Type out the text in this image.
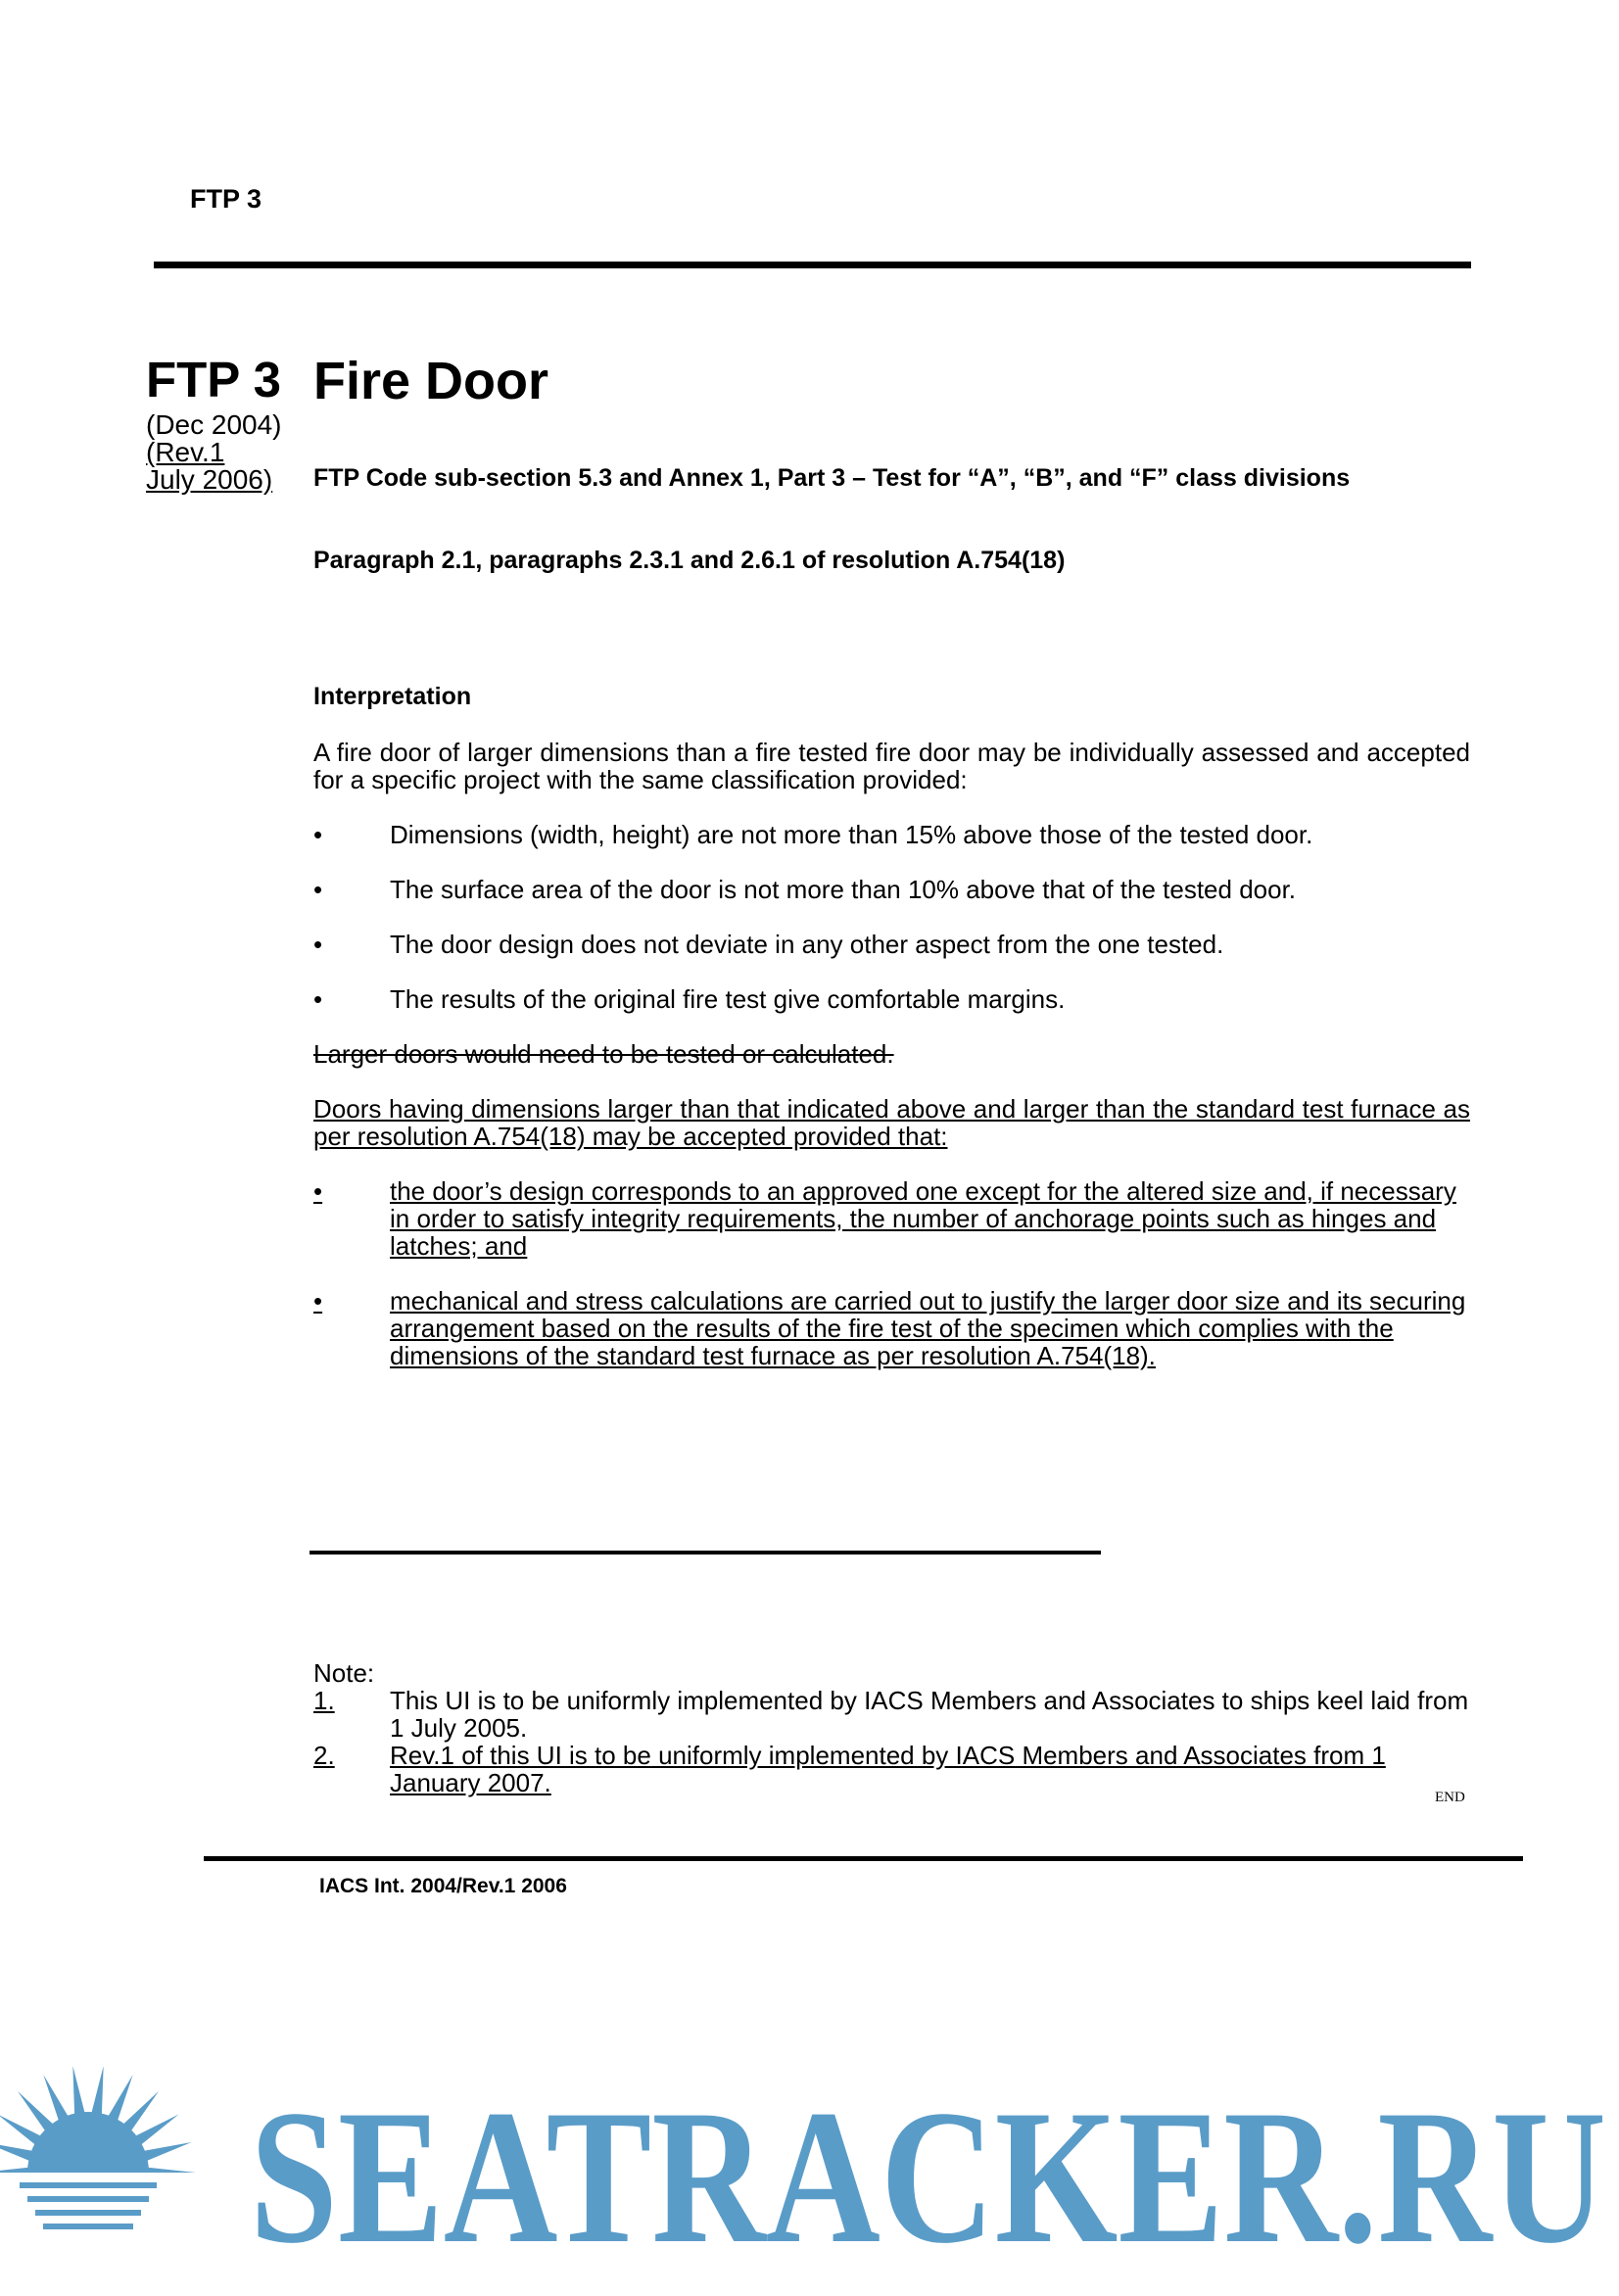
FTP 3
FTP 3
(Dec 2004)
(Rev.1
July 2006)
Fire Door
FTP Code sub-section 5.3 and Annex 1, Part 3 – Test for “A”, “B”, and “F” class divisions
Paragraph 2.1, paragraphs 2.3.1 and 2.6.1 of resolution A.754(18)
Interpretation
A fire door of larger dimensions than a fire tested fire door may be individually assessed and accepted for a specific project with the same classification provided:
•	Dimensions (width, height) are not more than 15% above those of the tested door.
•	The surface area of the door is not more than 10% above that of the tested door.
•	The door design does not deviate in any other aspect from the one tested.
•	The results of the original fire test give comfortable margins.
Larger doors would need to be tested or calculated.
Doors having dimensions larger than that indicated above and larger than the standard test furnace as per resolution A.754(18) may be accepted provided that:
•	the door’s design corresponds to an approved one except for the altered size and, if necessary in order to satisfy integrity requirements, the number of anchorage points such as hinges and latches; and
•	mechanical and stress calculations are carried out to justify the larger door size and its securing arrangement based on the results of the fire test of the specimen which complies with the dimensions of the standard test furnace as per resolution A.754(18).
Note:
1. This UI is to be uniformly implemented by IACS Members and Associates to ships keel laid from 1 July 2005.
2. Rev.1 of this UI is to be uniformly implemented by IACS Members and Associates from 1 January 2007.	END
IACS Int. 2004/Rev.1 2006
SEATRACKER.RU
